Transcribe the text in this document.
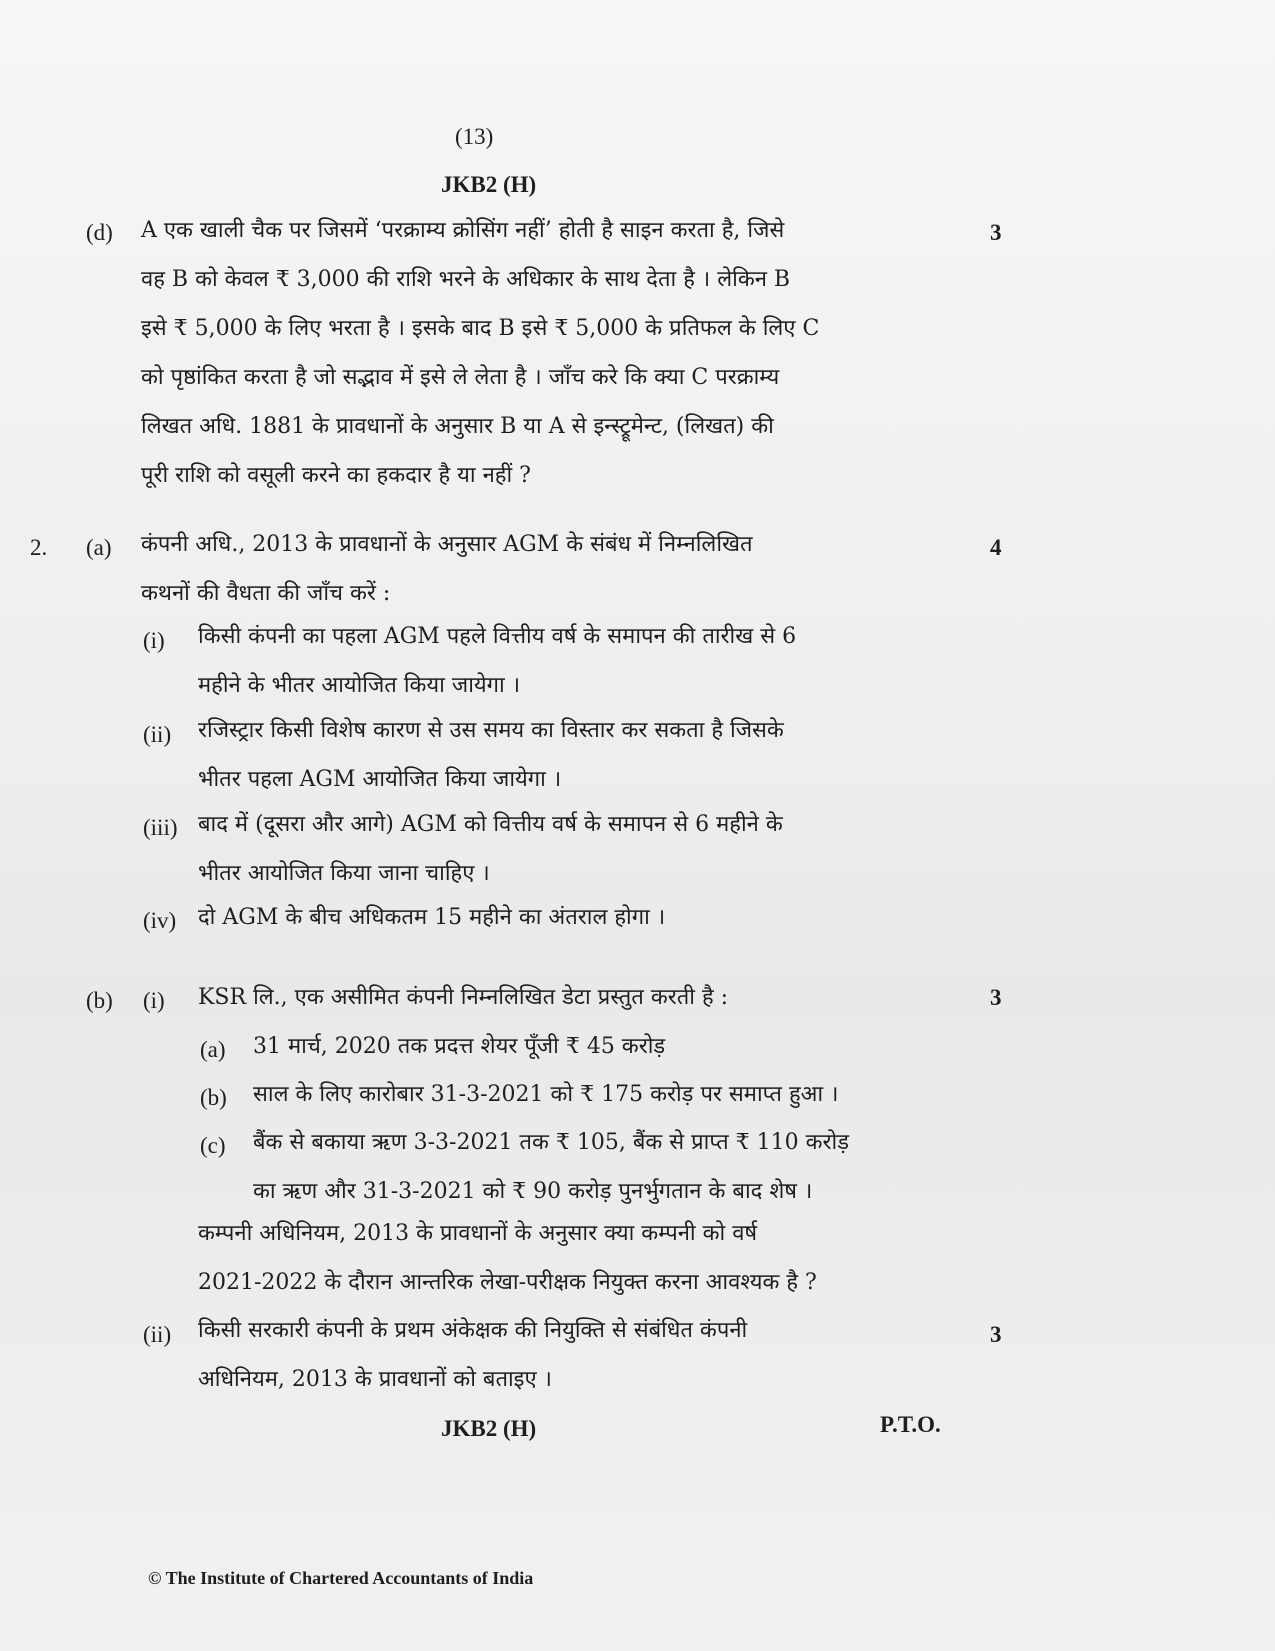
(13)
JKB2 (H)
(d)	3
A एक खाली चैक पर जिसमें ‘परक्राम्य क्रोसिंग नहीं’ होती है साइन करता है, जिसे
वह B को केवल ₹ 3,000 की राशि भरने के अधिकार के साथ देता है । लेकिन B
इसे ₹ 5,000 के लिए भरता है । इसके बाद B इसे ₹ 5,000 के प्रतिफल के लिए C
को पृष्ठांकित करता है जो सद्भाव में इसे ले लेता है । जाँच करे कि क्या C परक्राम्य
लिखत अधि. 1881 के प्रावधानों के अनुसार B या A से इन्स्ट्रूमेन्ट, (लिखत) की
पूरी राशि को वसूली करने का हकदार है या नहीं ?
2. (a)	4
कंपनी अधि., 2013 के प्रावधानों के अनुसार AGM के संबंध में निम्नलिखित
कथनों की वैधता की जाँच करें :
(i) किसी कंपनी का पहला AGM पहले वित्तीय वर्ष के समापन की तारीख से 6
महीने के भीतर आयोजित किया जायेगा ।
(ii) रजिस्ट्रार किसी विशेष कारण से उस समय का विस्तार कर सकता है जिसके
भीतर पहला AGM आयोजित किया जायेगा ।
(iii) बाद में (दूसरा और आगे) AGM को वित्तीय वर्ष के समापन से 6 महीने के
भीतर आयोजित किया जाना चाहिए ।
(iv) दो AGM के बीच अधिकतम 15 महीने का अंतराल होगा ।
(b) (i)	3
KSR लि., एक असीमित कंपनी निम्नलिखित डेटा प्रस्तुत करती है :
(a) 31 मार्च, 2020 तक प्रदत्त शेयर पूँजी ₹ 45 करोड़
(b) साल के लिए कारोबार 31-3-2021 को ₹ 175 करोड़ पर समाप्त हुआ ।
(c) बैंक से बकाया ऋण 3-3-2021 तक ₹ 105, बैंक से प्राप्त ₹ 110 करोड़
का ऋण और 31-3-2021 को ₹ 90 करोड़ पुनर्भुगतान के बाद शेष ।
कम्पनी अधिनियम, 2013 के प्रावधानों के अनुसार क्या कम्पनी को वर्ष
2021-2022 के दौरान आन्तरिक लेखा-परीक्षक नियुक्त करना आवश्यक है ?
(ii)	3
किसी सरकारी कंपनी के प्रथम अंकेक्षक की नियुक्ति से संबंधित कंपनी
अधिनियम, 2013 के प्रावधानों को बताइए ।
JKB2 (H)	P.T.O.
© The Institute of Chartered Accountants of India
